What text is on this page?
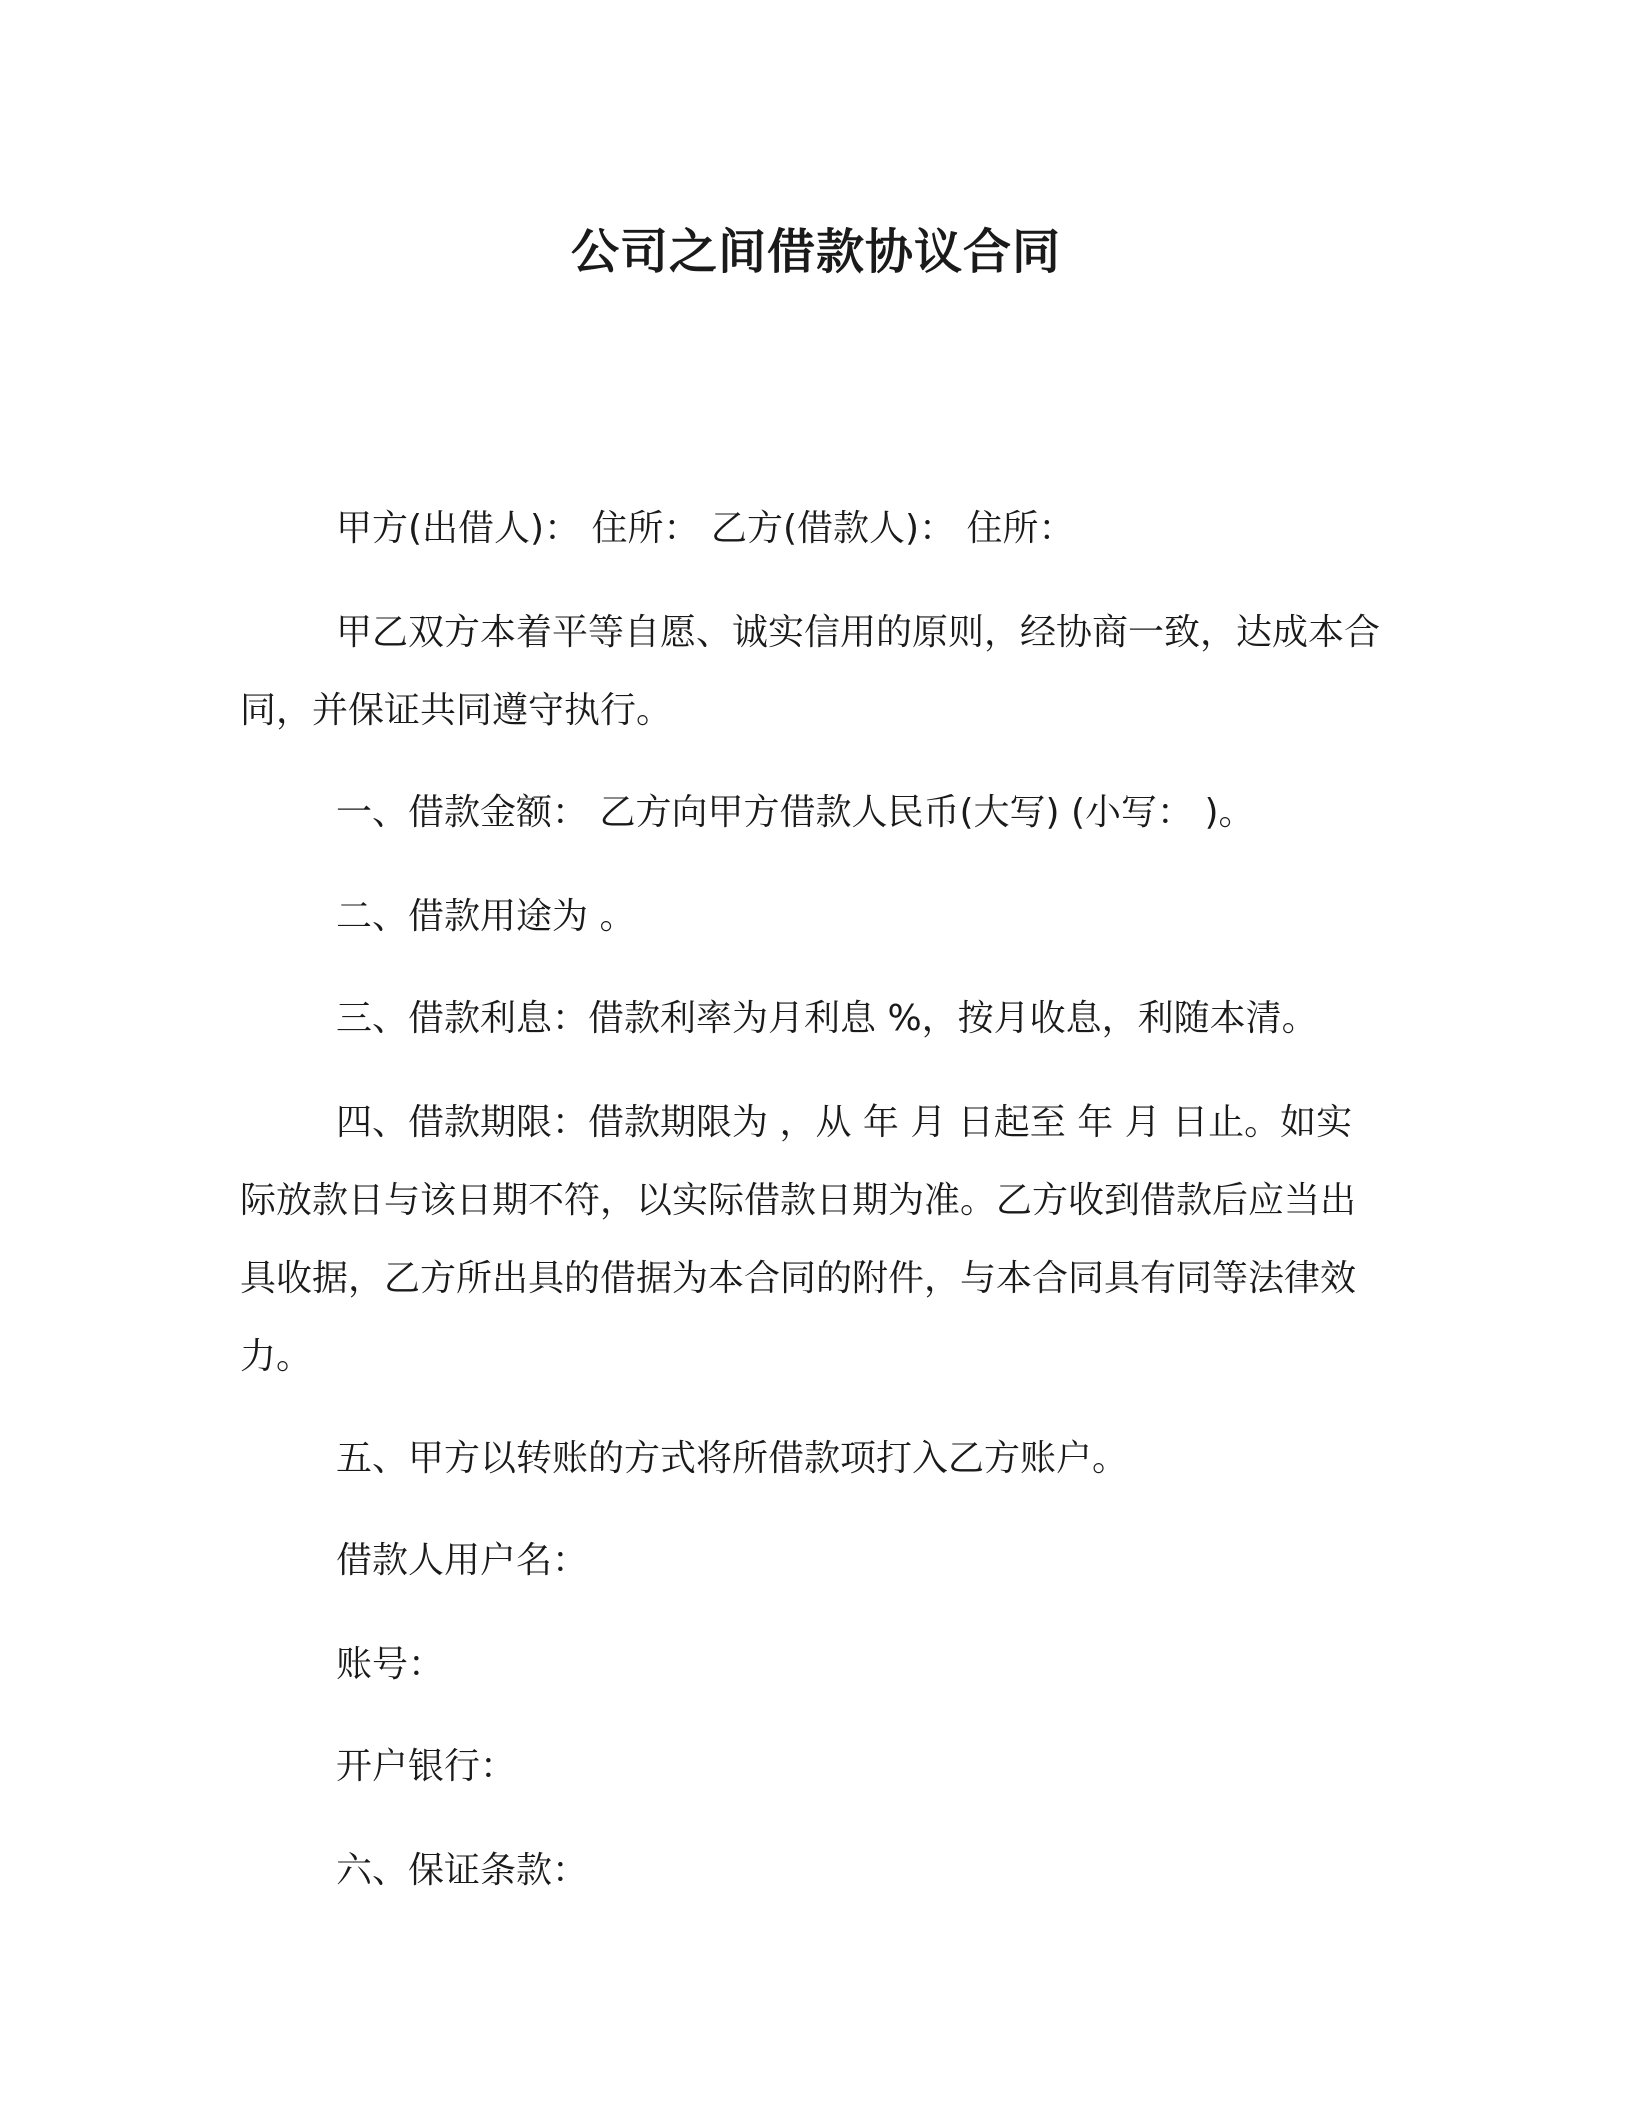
公司之间借款协议合同

甲方(出借人)： 住所： 乙方(借款人)： 住所：

甲乙双方本着平等自愿、诚实信用的原则，经协商一致，达成本合同，并保证共同遵守执行。

一、借款金额： 乙方向甲方借款人民币(大写) (小写： )。

二、借款用途为 。

三、借款利息：借款利率为月利息 %，按月收息，利随本清。

四、借款期限：借款期限为 ，从 年 月 日起至 年 月 日止。如实际放款日与该日期不符，以实际借款日期为准。乙方收到借款后应当出具收据，乙方所出具的借据为本合同的附件，与本合同具有同等法律效力。

五、甲方以转账的方式将所借款项打入乙方账户。

借款人用户名：

账号：

开户银行：

六、保证条款：
